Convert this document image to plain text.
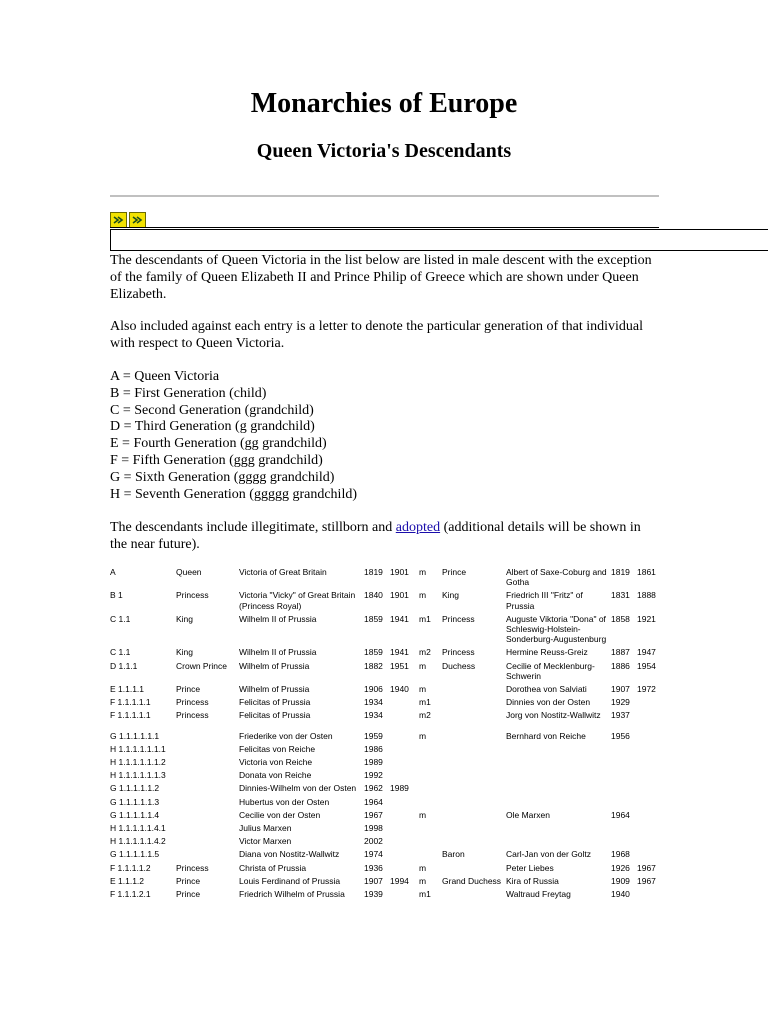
Monarchies of Europe
Queen Victoria's Descendants

The descendants of Queen Victoria in the list below are listed in male descent with the exception of the family of Queen Elizabeth II and Prince Philip of Greece which are shown under Queen Elizabeth.

Also included against each entry is a letter to denote the particular generation of that individual with respect to Queen Victoria.

A = Queen Victoria
B = First Generation (child)
C = Second Generation (grandchild)
D = Third Generation (g grandchild)
E = Fourth Generation (gg grandchild)
F = Fifth Generation (ggg grandchild)
G = Sixth Generation (gggg grandchild)
H = Seventh Generation (ggggg grandchild)

The descendants include illegitimate, stillborn and adopted (additional details will be shown in the near future).

A	Queen	Victoria of Great Britain	1819	1901	m	Prince	Albert of Saxe-Coburg and Gotha	1819	1861
B 1	Princess	Victoria "Vicky" of Great Britain (Princess Royal)	1840	1901	m	King	Friedrich III "Fritz" of Prussia	1831	1888
C 1.1	King	Wilhelm II of Prussia	1859	1941	m1	Princess	Auguste Viktoria "Dona" of Schleswig-Holstein-Sonderburg-Augustenburg	1858	1921
C 1.1	King	Wilhelm II of Prussia	1859	1941	m2	Princess	Hermine Reuss-Greiz	1887	1947
D 1.1.1	Crown Prince	Wilhelm of Prussia	1882	1951	m	Duchess	Cecilie of Mecklenburg-Schwerin	1886	1954
E 1.1.1.1	Prince	Wilhelm of Prussia	1906	1940	m		Dorothea von Salviati	1907	1972
F 1.1.1.1.1	Princess	Felicitas of Prussia	1934		m1		Dinnies von der Osten	1929	
F 1.1.1.1.1	Princess	Felicitas of Prussia	1934		m2		Jorg von Nostitz-Wallwitz	1937	
G 1.1.1.1.1.1		Friederike von der Osten	1959		m		Bernhard von Reiche	1956	
H 1.1.1.1.1.1.1		Felicitas von Reiche	1986						
H 1.1.1.1.1.1.2		Victoria von Reiche	1989						
H 1.1.1.1.1.1.3		Donata von Reiche	1992						
G 1.1.1.1.1.2		Dinnies-Wilhelm von der Osten	1962	1989					
G 1.1.1.1.1.3		Hubertus von der Osten	1964						
G 1.1.1.1.1.4		Cecilie von der Osten	1967		m		Ole Marxen	1964	
H 1.1.1.1.1.4.1		Julius Marxen	1998						
H 1.1.1.1.1.4.2		Victor Marxen	2002						
G 1.1.1.1.1.5		Diana von Nostitz-Wallwitz	1974			Baron	Carl-Jan von der Goltz	1968	
F 1.1.1.1.2	Princess	Christa of Prussia	1936		m		Peter Liebes	1926	1967
E 1.1.1.2	Prince	Louis Ferdinand of Prussia	1907	1994	m	Grand Duchess	Kira of Russia	1909	1967
F 1.1.1.2.1	Prince	Friedrich Wilhelm of Prussia	1939		m1		Waltraud Freytag	1940	
